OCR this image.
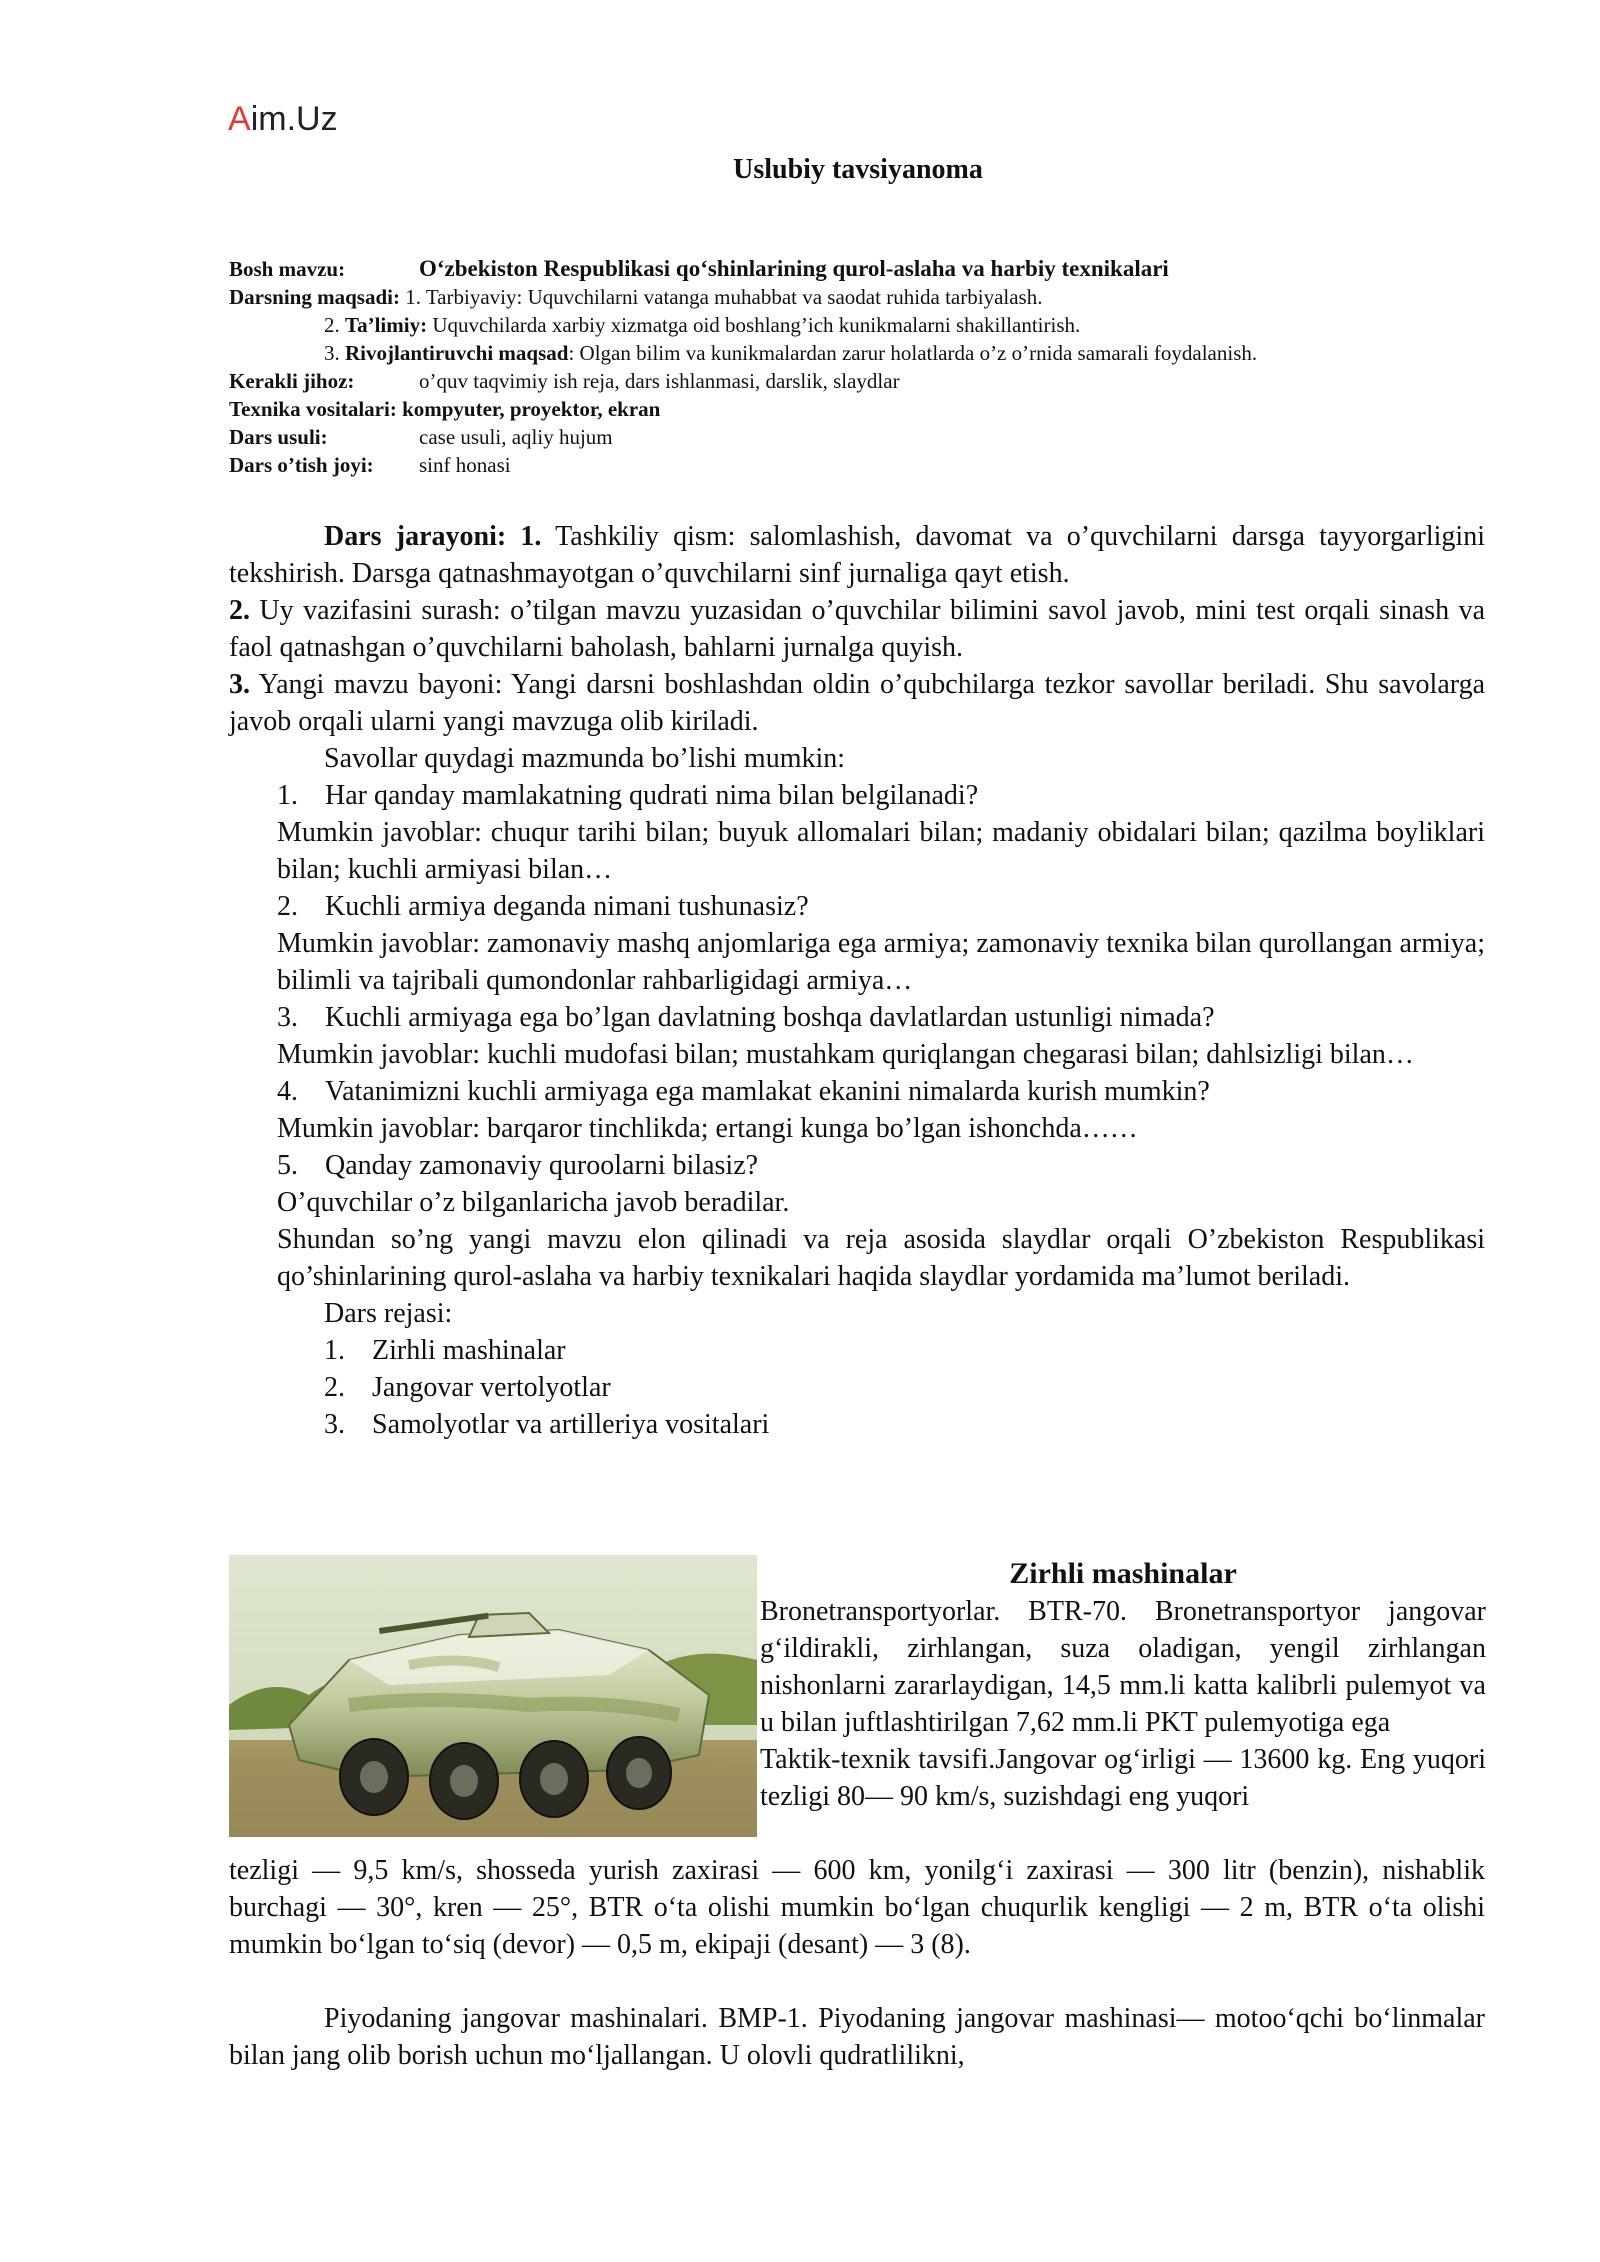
Aim.Uz
Uslubiy tavsiyanoma
Bosh mavzu:	O‘zbekiston Respublikasi qo‘shinlarining qurol-aslaha va harbiy texnikalari
Darsning maqsadi: 1. Tarbiyaviy: Uquvchilarni vatanga muhabbat va saodat ruhida tarbiyalash.
2. Ta’limiy: Uquvchilarda xarbiy xizmatga oid boshlang’ich kunikmalarni shakillantirish.
3. Rivojlantiruvchi maqsad: Olgan bilim va kunikmalardan zarur holatlarda o’z o’rnida samarali foydalanish.
Kerakli jihoz:	o’quv taqvimiy ish reja, dars ishlanmasi, darslik, slaydlar
Texnika vositalari: kompyuter, proyektor, ekran
Dars usuli:	case usuli, aqliy hujum
Dars o’tish joyi: sinf honasi

Dars jarayoni: 1. Tashkiliy qism: salomlashish, davomat va o’quvchilarni darsga tayyorgarligini tekshirish. Darsga qatnashmayotgan o’quvchilarni sinf jurnaliga qayt etish.

2. Uy vazifasini surash: o’tilgan mavzu yuzasidan o’quvchilar bilimini savol javob, mini test orqali sinash va faol qatnashgan o’quvchilarni baholash, bahlarni jurnalga quyish.

3. Yangi mavzu bayoni: Yangi darsni boshlashdan oldin o’qubchilarga tezkor savollar beriladi. Shu savolarga javob orqali ularni yangi mavzuga olib kiriladi.

Savollar quydagi mazmunda bo’lishi mumkin:

1. Har qanday mamlakatning qudrati nima bilan belgilanadi?

Mumkin javoblar: chuqur tarihi bilan; buyuk allomalari bilan; madaniy obidalari bilan; qazilma boyliklari bilan; kuchli armiyasi bilan…

2. Kuchli armiya deganda nimani tushunasiz?

Mumkin javoblar: zamonaviy mashq anjomlariga ega armiya; zamonaviy texnika bilan qurollangan armiya; bilimli va tajribali qumondonlar rahbarligidagi armiya…

3. Kuchli armiyaga ega bo’lgan davlatning boshqa davlatlardan ustunligi nimada?

Mumkin javoblar: kuchli mudofasi bilan; mustahkam quriqlangan chegarasi bilan; dahlsizligi bilan…

4. Vatanimizni kuchli armiyaga ega mamlakat ekanini nimalarda kurish mumkin?

Mumkin javoblar: barqaror tinchlikda; ertangi kunga bo’lgan ishonchda……

5. Qanday zamonaviy quroolarni bilasiz?

O’quvchilar o’z bilganlaricha javob beradilar.

Shundan so’ng yangi mavzu elon qilinadi va reja asosida slaydlar orqali O’zbekiston Respublikasi qo’shinlarining qurol-aslaha va harbiy texnikalari haqida slaydlar yordamida ma’lumot beriladi.

Dars rejasi:

1. Zirhli mashinalar

2. Jangovar vertolyotlar

3. Samolyotlar va artilleriya vositalari

Zirhli mashinalar

Bronetransportyorlar. BTR-70. Bronetransportyor jangovar g‘ildirakli, zirhlangan, suza oladigan, yengil zirhlangan nishonlarni zararlaydigan, 14,5 mm.li katta kalibrli pulemyot va u bilan juftlashtirilgan 7,62 mm.li PKT pulemyotiga ega

Taktik-texnik tavsifi.Jangovar og‘irligi — 13600 kg. Eng yuqori tezligi 80— 90 km/s, suzishdagi eng yuqori

tezligi — 9,5 km/s, shosseda yurish zaxirasi — 600 km, yonilg‘i zaxirasi — 300 litr (benzin), nishablik burchagi — 30°, kren — 25°, BTR o‘ta olishi mumkin bo‘lgan chuqurlik kengligi — 2 m, BTR o‘ta olishi mumkin bo‘lgan to‘siq (devor) — 0,5 m, ekipaji (desant) — 3 (8).

Piyodaning jangovar mashinalari. BMP-1. Piyodaning jangovar mashinasi— motoo‘qchi bo‘linmalar bilan jang olib borish uchun mo‘ljallangan. U olovli qudratlilikni,
